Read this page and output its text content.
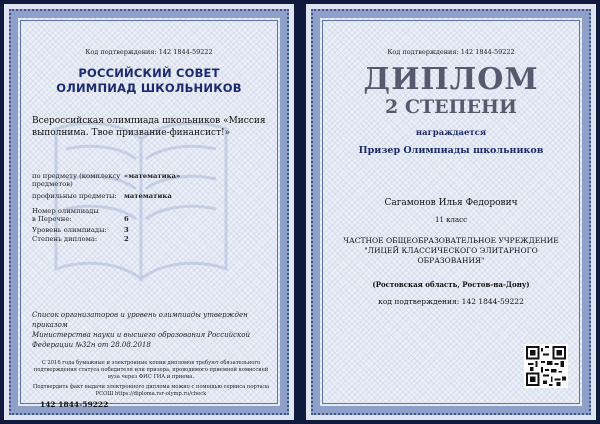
Код подтверждения: 142 1844-59222
РОССИЙСКИЙ СОВЕТ
ОЛИМПИАД ШКОЛЬНИКОВ
Всероссийская олимпиада школьников «Миссия выполнима. Твое призвание-финансист!»
по предмету (комплексу предметов)
«математика»
профильные предметы: математика
Номер олимпиады в Перечне:	6
Уровень олимпиады:	3
Степень диплома:	2
Список организаторов и уровень олимпиады утвержден приказом
Министерства науки и высшего образования Российской Федерации №32н от 28.08.2018
С 2016 года бумажные и электронные копии дипломов требуют обязательного подтверждения статуса победителя или призера, проводимого приемной комиссией вуза через ФИС ГИА и приема.
Подтвердить факт выдачи электронного диплома можно с помощью сервиса портала РСОШ https://diploma.rsr-olymp.ru/check
142 1844-59222
Код подтверждения: 142 1844-59222
ДИПЛОМ
2 СТЕПЕНИ
награждается
Призер Олимпиады школьников
Сагамонов Илья Федорович
11 класс
ЧАСТНОЕ ОБЩЕОБРАЗОВАТЕЛЬНОЕ УЧРЕЖДЕНИЕ "ЛИЦЕЙ КЛАССИЧЕСКОГО ЭЛИТАРНОГО ОБРАЗОВАНИЯ"
(Ростовская область, Ростов-на-Дону)
код подтверждения: 142 1844-59222
